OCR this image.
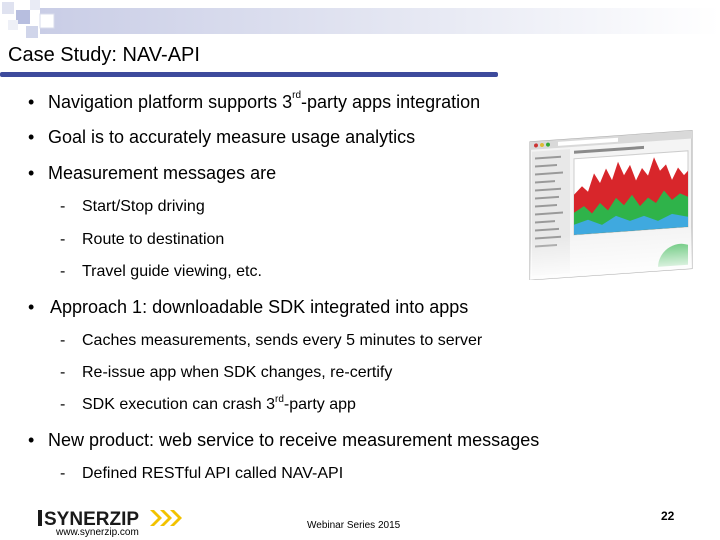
Case Study: NAV-API
• Navigation platform supports 3rd-party apps integration
• Goal is to accurately measure usage analytics
• Measurement messages are
- Start/Stop driving
- Route to destination
- Travel guide viewing, etc.
• Approach 1: downloadable SDK integrated into apps
- Caches measurements, sends every 5 minutes to server
- Re-issue app when SDK changes, re-certify
- SDK execution can crash 3rd-party app
• New product: web service to receive measurement messages
- Defined RESTful API called NAV-API
SYNERZIP
www.synerzip.com
Webinar Series 2015
22
